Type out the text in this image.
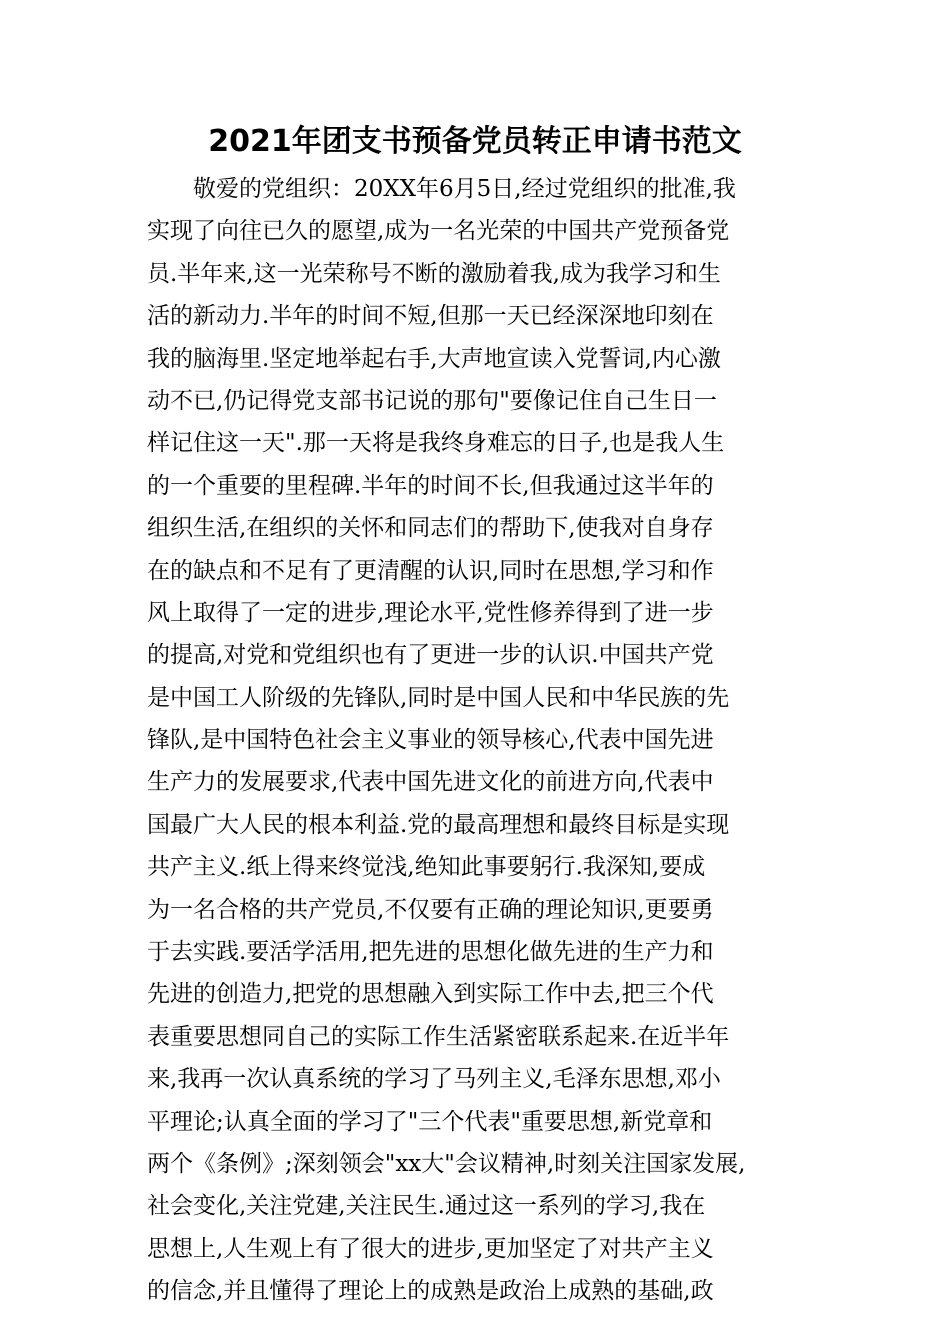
2021年团支书预备党员转正申请书范文
　　敬爱的党组织：20XX年6月5日,经过党组织的批准,我
实现了向往已久的愿望,成为一名光荣的中国共产党预备党
员.半年来,这一光荣称号不断的激励着我,成为我学习和生
活的新动力.半年的时间不短,但那一天已经深深地印刻在
我的脑海里.坚定地举起右手,大声地宣读入党誓词,内心激
动不已,仍记得党支部书记说的那句"要像记住自己生日一
样记住这一天".那一天将是我终身难忘的日子,也是我人生
的一个重要的里程碑.半年的时间不长,但我通过这半年的
组织生活,在组织的关怀和同志们的帮助下,使我对自身存
在的缺点和不足有了更清醒的认识,同时在思想,学习和作
风上取得了一定的进步,理论水平,党性修养得到了进一步
的提高,对党和党组织也有了更进一步的认识.中国共产党
是中国工人阶级的先锋队,同时是中国人民和中华民族的先
锋队,是中国特色社会主义事业的领导核心,代表中国先进
生产力的发展要求,代表中国先进文化的前进方向,代表中
国最广大人民的根本利益.党的最高理想和最终目标是实现
共产主义.纸上得来终觉浅,绝知此事要躬行.我深知,要成
为一名合格的共产党员,不仅要有正确的理论知识,更要勇
于去实践.要活学活用,把先进的思想化做先进的生产力和
先进的创造力,把党的思想融入到实际工作中去,把三个代
表重要思想同自己的实际工作生活紧密联系起来.在近半年
来,我再一次认真系统的学习了马列主义,毛泽东思想,邓小
平理论;认真全面的学习了"三个代表"重要思想,新党章和
两个《条例》;深刻领会"xx大"会议精神,时刻关注国家发展,
社会变化,关注党建,关注民生.通过这一系列的学习,我在
思想上,人生观上有了很大的进步,更加坚定了对共产主义
的信念,并且懂得了理论上的成熟是政治上成熟的基础,政
